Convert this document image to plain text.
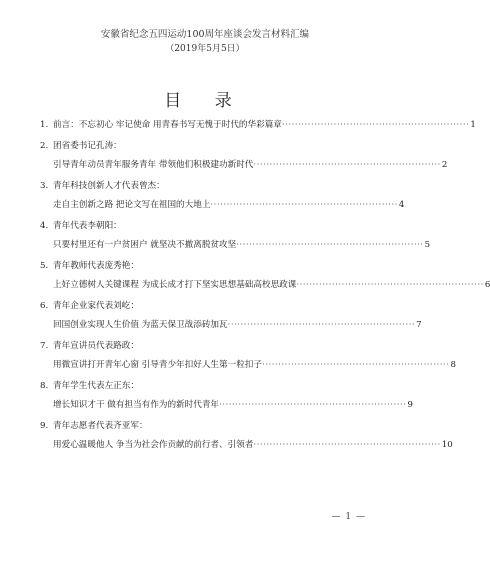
安徽省纪念五四运动100周年座谈会发言材料汇编
（2019年5月5日）
目 录
1. 前言：不忘初心 牢记使命 用青春书写无愧于时代的华彩篇章 ·························································· 1
2. 团省委书记孔涛：
引导青年动员青年服务青年 带领他们积极建功新时代 ·························································· 2
3. 青年科技创新人才代表曾杰：
走自主创新之路 把论文写在祖国的大地上 ·························································· 4
4. 青年代表李朝阳：
只要村里还有一户贫困户 就坚决不撤离脱贫攻坚 ·························································· 5
5. 青年教师代表庞秀艳：
上好立德树人关键课程 为成长成才打下坚实思想基础高校思政课 ·························································· 6
6. 青年企业家代表刘屹：
回国创业实现人生价值 为蓝天保卫战添砖加瓦 ·························································· 7
7. 青年宣讲员代表路政：
用微宣讲打开青年心窗 引导青少年扣好人生第一粒扣子 ·························································· 8
8. 青年学生代表左正东：
增长知识才干 做有担当有作为的新时代青年 ·························································· 9
9. 青年志愿者代表齐亚军：
用爱心温暖他人 争当为社会作贡献的前行者、引领者 ·························································· 10
— 1 —
